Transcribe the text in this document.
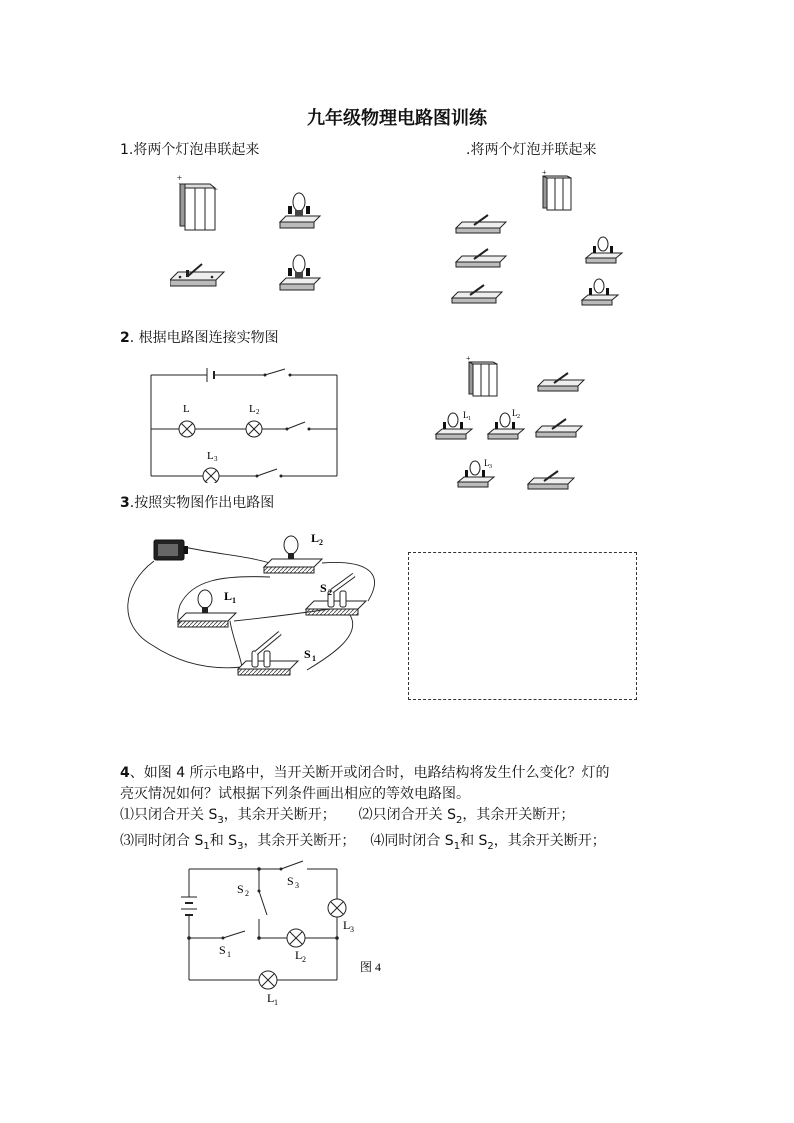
九年级物理电路图训练
1.将两个灯泡串联起来	.将两个灯泡并联起来
+
−
+
2. 根据电路图连接实物图
L	L 2
L 3
+
L 1
L 2
L 3
3.按照实物图作出电路图
L 2
L 1
S 2
S 1
4、如图 4 所示电路中，当开关断开或闭合时，电路结构将发生什么变化？灯的
亮灭情况如何？试根据下列条件画出相应的等效电路图。
⑴只闭合开关 $S_3$，其余开关断开； ⑵只闭合开关 $S_2$，其余开关断开；
⑶同时闭合 $S_1$和 $S_3$，其余开关断开； ⑷同时闭合 $S_1$和 $S_2$，其余开关断开；
S 3
S 2
S 1
L 3
L 2
L 1
图 4
